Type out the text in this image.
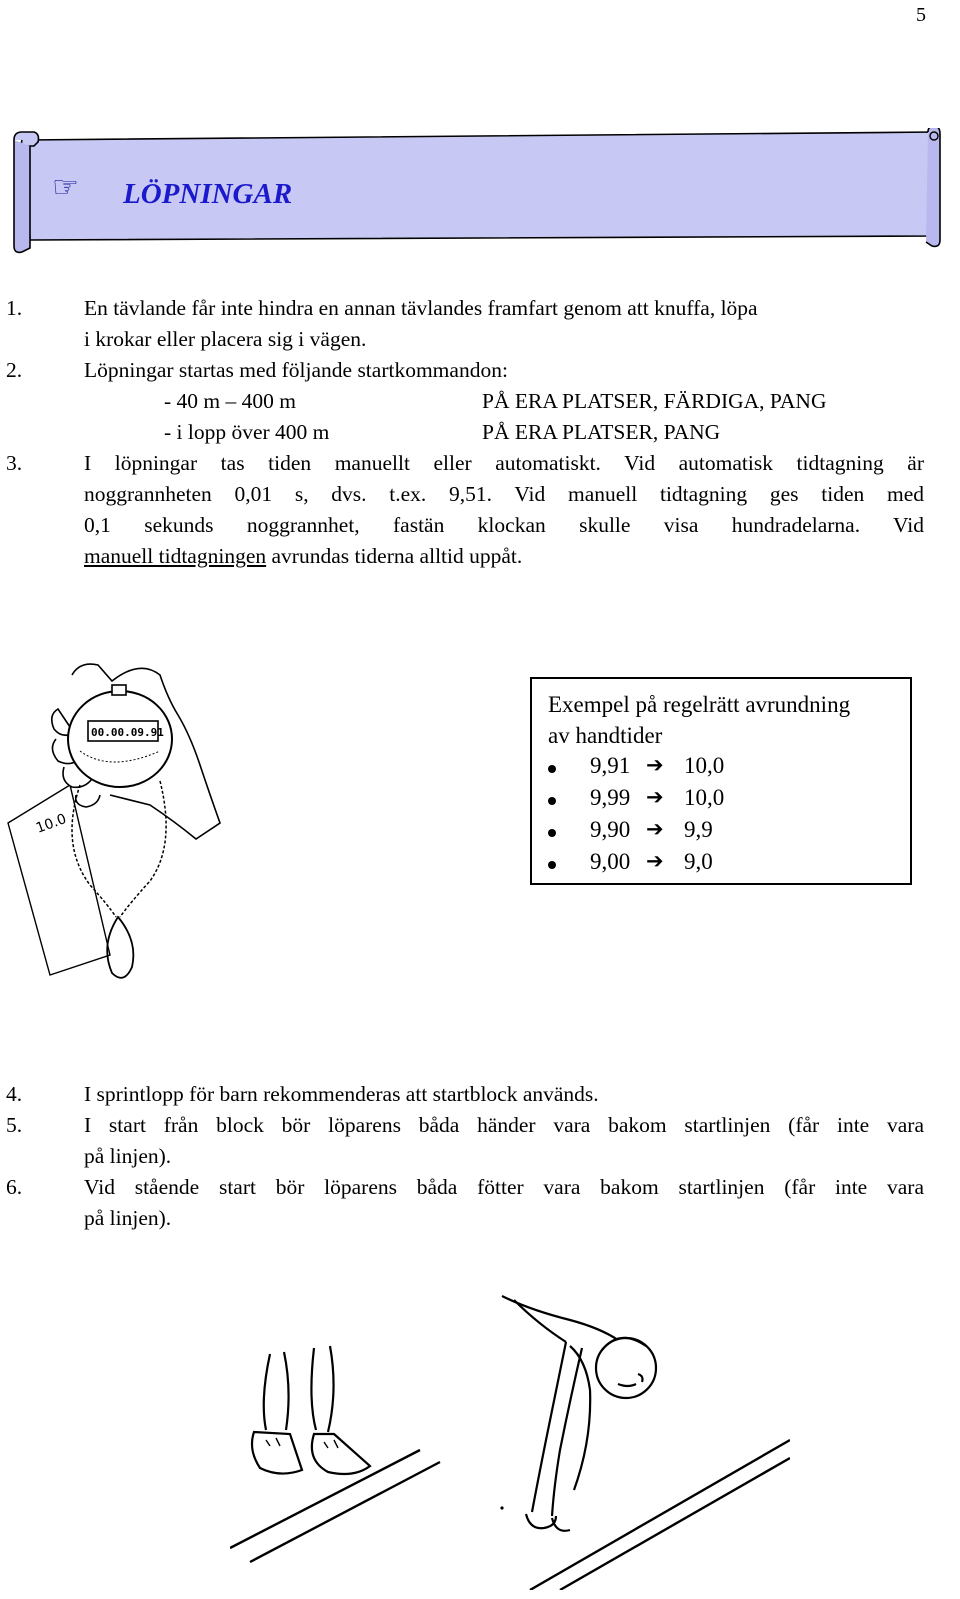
5
☞ LÖPNINGAR
1.	En tävlande får inte hindra en annan tävlandes framfart genom att knuffa, löpa
i krokar eller placera sig i vägen.
2.	Löpningar startas med följande startkommandon:
- 40 m – 400 m	PÅ ERA PLATSER, FÄRDIGA, PANG
- i lopp över 400 m	PÅ ERA PLATSER, PANG
3.	I löpningar tas tiden manuellt eller automatiskt. Vid automatisk tidtagning är
noggrannheten 0,01 s, dvs. t.ex. 9,51. Vid manuell tidtagning ges tiden med
0,1 sekunds noggrannhet, fastän klockan skulle visa hundradelarna. Vid
manuell tidtagningen avrundas tiderna alltid uppåt.
10.0
00.00.09.91
Exempel på regelrätt avrundning
av handtider
9,91 ➔ 10,0
9,99 ➔ 10,0
9,90 ➔ 9,9
9,00 ➔ 9,0
4.	I sprintlopp för barn rekommenderas att startblock används.
5.	I start från block bör löparens båda händer vara bakom startlinjen (får inte vara
på linjen).
6.	Vid stående start bör löparens båda fötter vara bakom startlinjen (får inte vara
på linjen).
